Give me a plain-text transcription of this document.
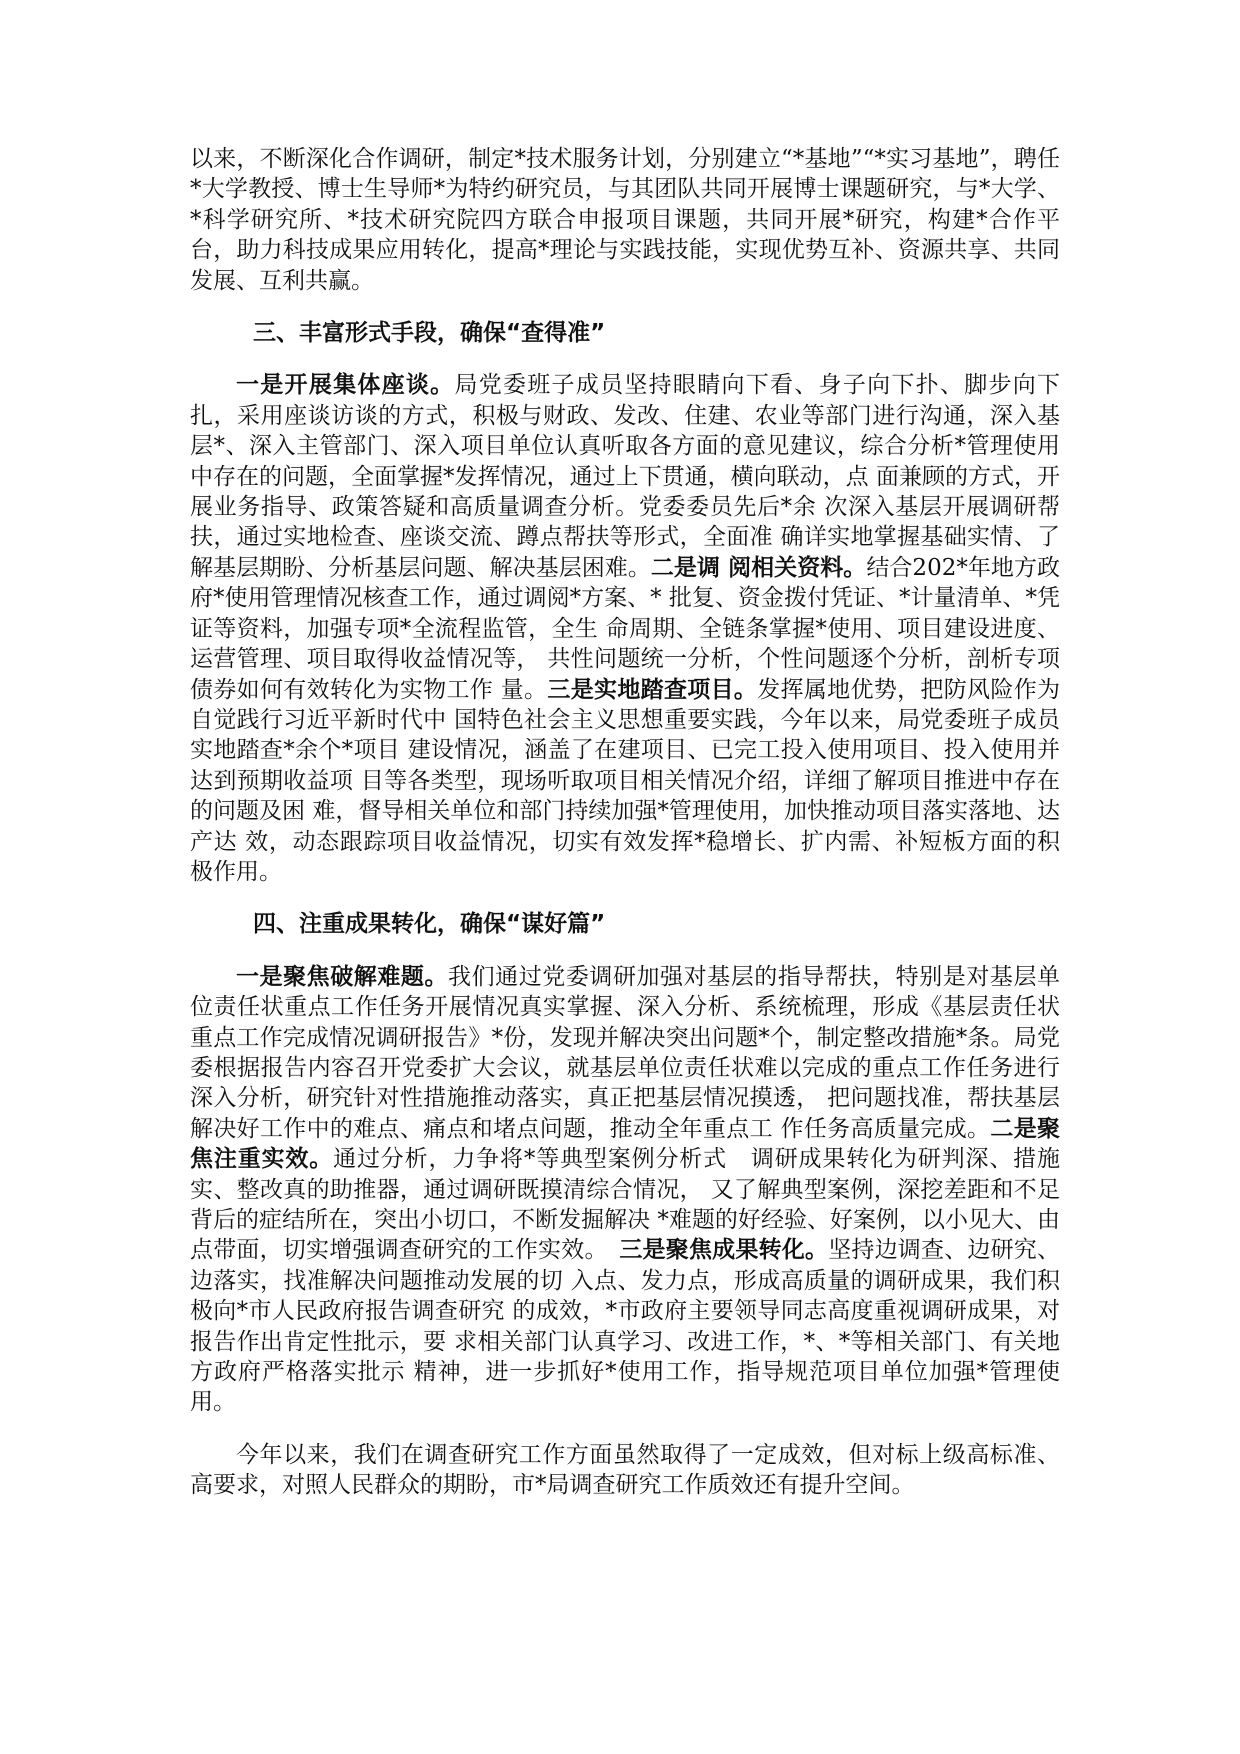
以来，不断深化合作调研，制定*技术服务计划，分别建立“*基地”“*实习基地”，聘任*大学教授、博士生导师*为特约研究员，与其团队共同开展博士课题研究，与*大学、*科学研究所、*技术研究院四方联合申报项目课题，共同开展*研究，构建*合作平台，助力科技成果应用转化，提高*理论与实践技能，实现优势互补、资源共享、共同发展、互利共赢。

三、丰富形式手段，确保“查得准”

一是开展集体座谈。局党委班子成员坚持眼睛向下看、身子向下扑、脚步向下扎，采用座谈访谈的方式，积极与财政、发改、住建、农业等部门进行沟通，深入基层*、深入主管部门、深入项目单位认真听取各方面的意见建议，综合分析*管理使用中存在的问题，全面掌握*发挥情况，通过上下贯通，横向联动，点 面兼顾的方式，开展业务指导、政策答疑和高质量调查分析。党委委员先后*余 次深入基层开展调研帮扶，通过实地检查、座谈交流、蹲点帮扶等形式，全面准 确详实地掌握基础实情、了解基层期盼、分析基层问题、解决基层困难。二是调 阅相关资料。结合202*年地方政府*使用管理情况核查工作，通过调阅*方案、* 批复、资金拨付凭证、*计量清单、*凭证等资料，加强专项*全流程监管，全生 命周期、全链条掌握*使用、项目建设进度、运营管理、项目取得收益情况等， 共性问题统一分析，个性问题逐个分析，剖析专项债券如何有效转化为实物工作 量。三是实地踏查项目。发挥属地优势，把防风险作为自觉践行习近平新时代中 国特色社会主义思想重要实践，今年以来，局党委班子成员实地踏查*余个*项目 建设情况，涵盖了在建项目、已完工投入使用项目、投入使用并达到预期收益项 目等各类型，现场听取项目相关情况介绍，详细了解项目推进中存在的问题及困 难，督导相关单位和部门持续加强*管理使用，加快推动项目落实落地、达产达 效，动态跟踪项目收益情况，切实有效发挥*稳增长、扩内需、补短板方面的积 极作用。

四、注重成果转化，确保“谋好篇”

一是聚焦破解难题。我们通过党委调研加强对基层的指导帮扶，特别是对基层单位责任状重点工作任务开展情况真实掌握、深入分析、系统梳理，形成《基层责任状重点工作完成情况调研报告》*份，发现并解决突出问题*个，制定整改措施*条。局党委根据报告内容召开党委扩大会议，就基层单位责任状难以完成的重点工作任务进行深入分析，研究针对性措施推动落实，真正把基层情况摸透， 把问题找准，帮扶基层解决好工作中的难点、痛点和堵点问题，推动全年重点工 作任务高质量完成。二是聚焦注重实效。通过分析，力争将*等典型案例分析式　调研成果转化为研判深、措施实、整改真的助推器，通过调研既摸清综合情况， 又了解典型案例，深挖差距和不足背后的症结所在，突出小切口，不断发掘解决 *难题的好经验、好案例，以小见大、由点带面，切实增强调查研究的工作实效。　三是聚焦成果转化。坚持边调查、边研究、边落实，找准解决问题推动发展的切 入点、发力点，形成高质量的调研成果，我们积极向*市人民政府报告调查研究 的成效，*市政府主要领导同志高度重视调研成果，对报告作出肯定性批示，要 求相关部门认真学习、改进工作，*、*等相关部门、有关地方政府严格落实批示 精神，进一步抓好*使用工作，指导规范项目单位加强*管理使用。

今年以来，我们在调查研究工作方面虽然取得了一定成效，但对标上级高标准、高要求，对照人民群众的期盼，市*局调查研究工作质效还有提升空间。
